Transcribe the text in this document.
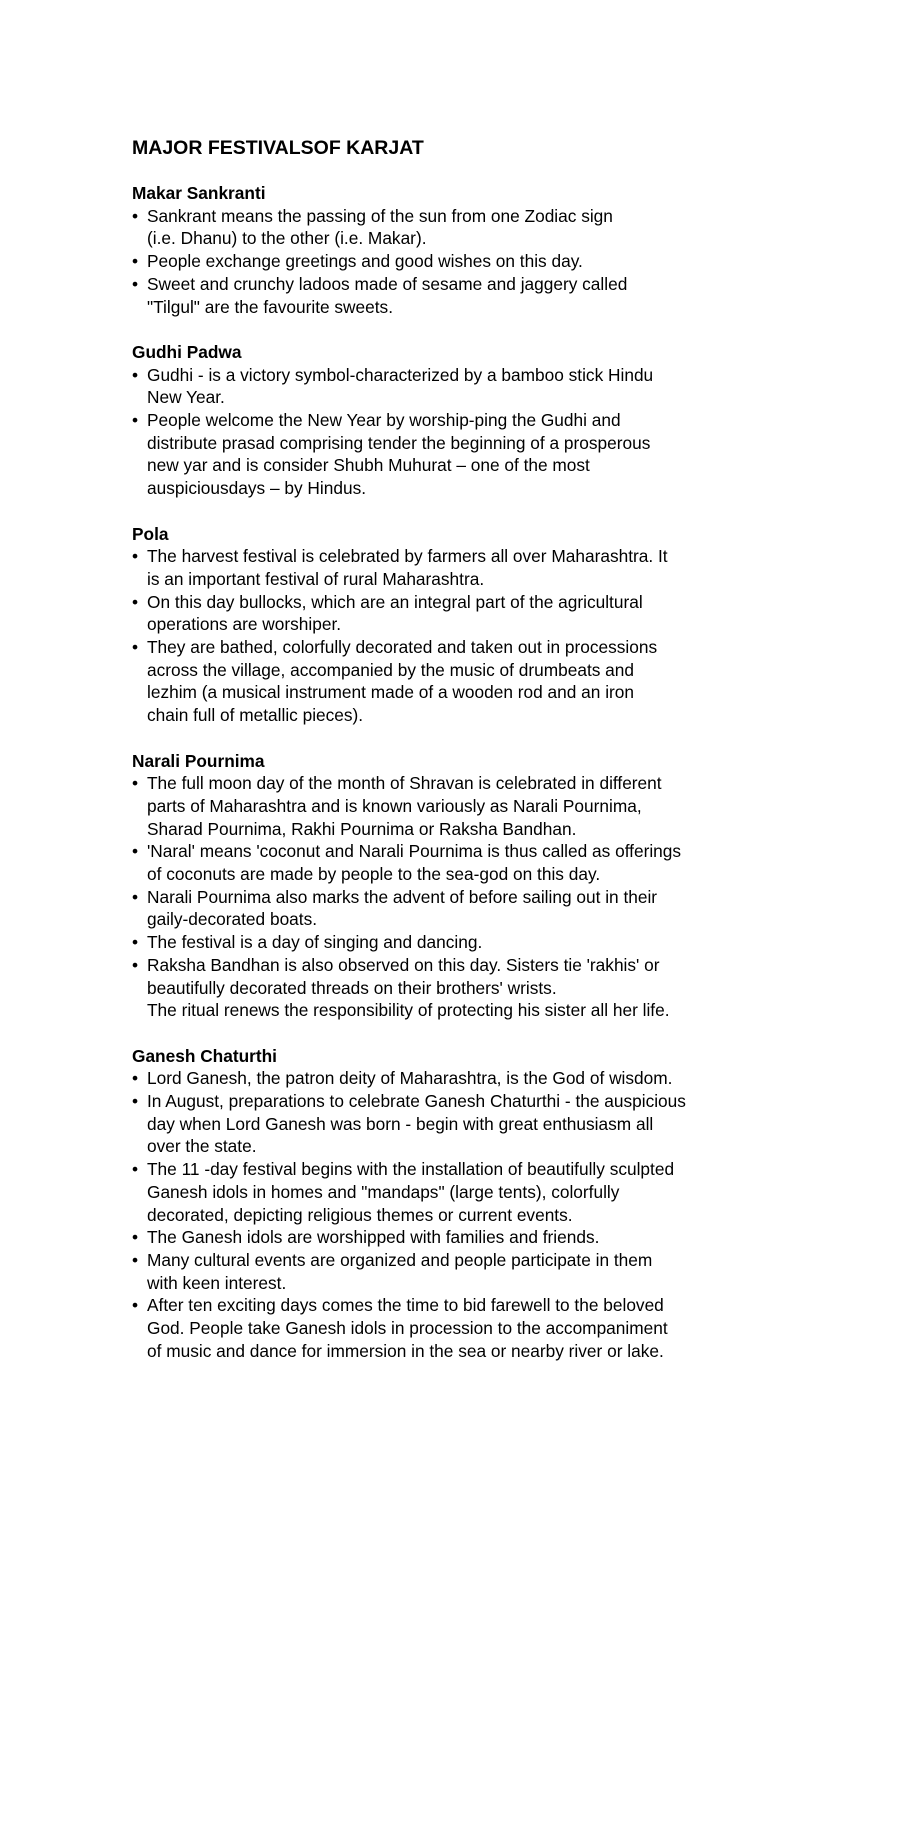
MAJOR FESTIVALSOF KARJAT
Makar Sankranti
• Sankrant means the passing of the sun from one Zodiac sign
(i.e. Dhanu) to the other (i.e. Makar).
• People exchange greetings and good wishes on this day.
• Sweet and crunchy ladoos made of sesame and jaggery called
"Tilgul" are the favourite sweets.
Gudhi Padwa
• Gudhi - is a victory symbol-characterized by a bamboo stick Hindu
New Year.
• People welcome the New Year by worship-ping the Gudhi and
distribute prasad comprising tender the beginning of a prosperous
new yar and is consider Shubh Muhurat – one of the most
auspiciousdays – by Hindus.
Pola
• The harvest festival is celebrated by farmers all over Maharashtra. It
is an important festival of rural Maharashtra.
• On this day bullocks, which are an integral part of the agricultural
operations are worshiper.
• They are bathed, colorfully decorated and taken out in processions
across the village, accompanied by the music of drumbeats and
lezhim (a musical instrument made of a wooden rod and an iron
chain full of metallic pieces).
Narali Pournima
• The full moon day of the month of Shravan is celebrated in different
parts of Maharashtra and is known variously as Narali Pournima,
Sharad Pournima, Rakhi Pournima or Raksha Bandhan.
• 'Naral' means 'coconut and Narali Pournima is thus called as offerings
of coconuts are made by people to the sea-god on this day.
• Narali Pournima also marks the advent of before sailing out in their
gaily-decorated boats.
• The festival is a day of singing and dancing.
• Raksha Bandhan is also observed on this day. Sisters tie 'rakhis' or
beautifully decorated threads on their brothers' wrists.
The ritual renews the responsibility of protecting his sister all her life.
Ganesh Chaturthi
• Lord Ganesh, the patron deity of Maharashtra, is the God of wisdom.
• In August, preparations to celebrate Ganesh Chaturthi - the auspicious
day when Lord Ganesh was born - begin with great enthusiasm all
over the state.
• The 11 -day festival begins with the installation of beautifully sculpted
Ganesh idols in homes and "mandaps" (large tents), colorfully
decorated, depicting religious themes or current events.
• The Ganesh idols are worshipped with families and friends.
• Many cultural events are organized and people participate in them
with keen interest.
• After ten exciting days comes the time to bid farewell to the beloved
God. People take Ganesh idols in procession to the accompaniment
of music and dance for immersion in the sea or nearby river or lake.
